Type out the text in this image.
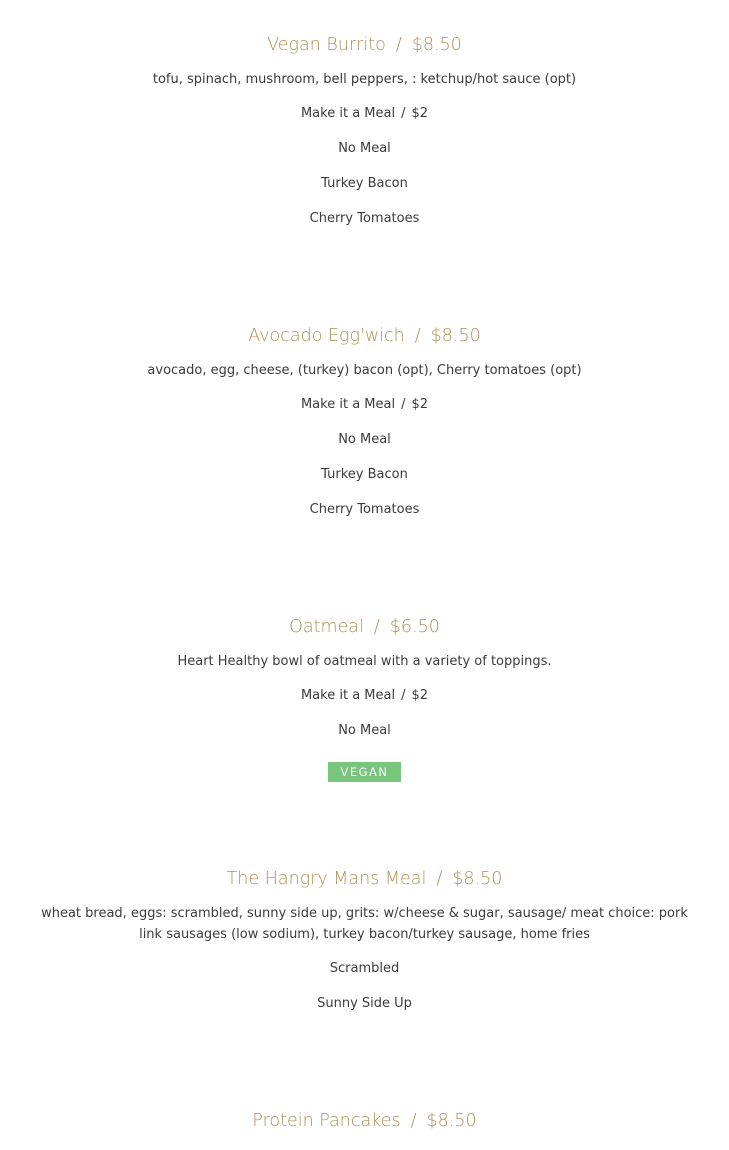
Vegan Burrito / $8.50
tofu, spinach, mushroom, bell peppers, : ketchup/hot sauce (opt)
Make it a Meal / $2
No Meal
Turkey Bacon
Cherry Tomatoes
Avocado Egg'wich / $8.50
avocado, egg, cheese, (turkey) bacon (opt), Cherry tomatoes (opt)
Make it a Meal / $2
No Meal
Turkey Bacon
Cherry Tomatoes
Oatmeal / $6.50
Heart Healthy bowl of oatmeal with a variety of toppings.
Make it a Meal / $2
No Meal
VEGAN
The Hangry Mans Meal / $8.50
wheat bread, eggs: scrambled, sunny side up, grits: w/cheese & sugar, sausage/ meat choice: pork link sausages (low sodium), turkey bacon/turkey sausage, home fries
Scrambled
Sunny Side Up
Protein Pancakes / $8.50
